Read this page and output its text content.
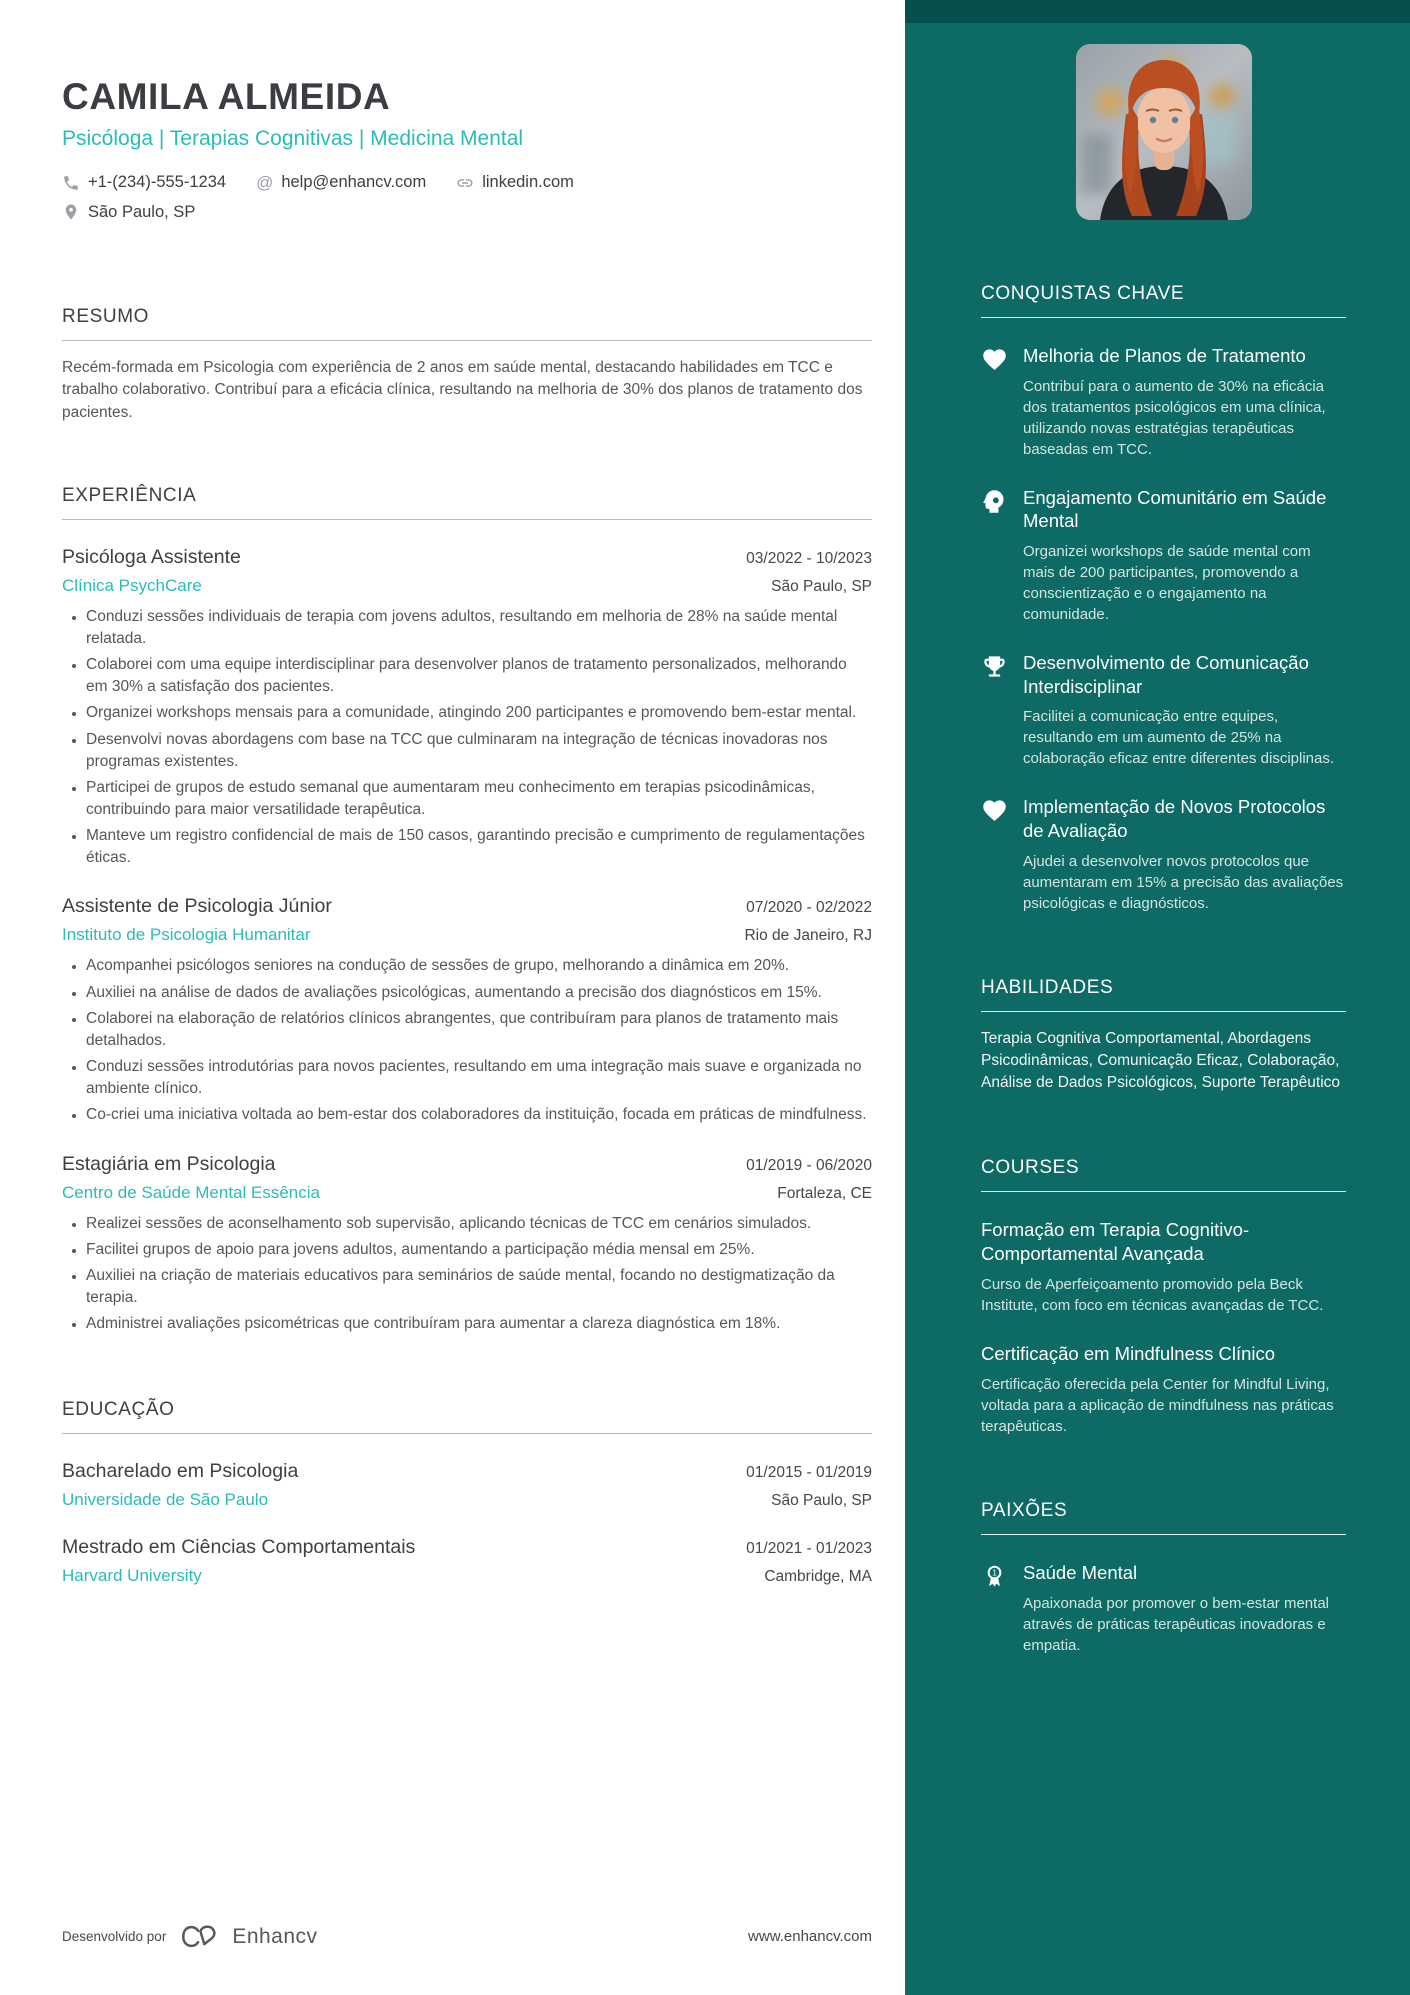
CAMILA ALMEIDA
Psicóloga | Terapias Cognitivas | Medicina Mental
+1-(234)-555-1234 @ help@enhancv.com	linkedin.com
São Paulo, SP
RESUMO
Recém-formada em Psicologia com experiência de 2 anos em saúde mental, destacando habilidades em TCC e trabalho colaborativo. Contribuí para a eficácia clínica, resultando na melhoria de 30% dos planos de tratamento dos pacientes.
EXPERIÊNCIA
Psicóloga Assistente	03/2022 - 10/2023
Clínica PsychCare	São Paulo, SP
• Conduzi sessões individuais de terapia com jovens adultos, resultando em melhoria de 28% na saúde mental relatada.
• Colaborei com uma equipe interdisciplinar para desenvolver planos de tratamento personalizados, melhorando em 30% a satisfação dos pacientes.
• Organizei workshops mensais para a comunidade, atingindo 200 participantes e promovendo bem-estar mental.
• Desenvolvi novas abordagens com base na TCC que culminaram na integração de técnicas inovadoras nos programas existentes.
• Participei de grupos de estudo semanal que aumentaram meu conhecimento em terapias psicodinâmicas, contribuindo para maior versatilidade terapêutica.
• Manteve um registro confidencial de mais de 150 casos, garantindo precisão e cumprimento de regulamentações éticas.
Assistente de Psicologia Júnior	07/2020 - 02/2022
Instituto de Psicologia Humanitar	Rio de Janeiro, RJ
• Acompanhei psicólogos seniores na condução de sessões de grupo, melhorando a dinâmica em 20%.
• Auxiliei na análise de dados de avaliações psicológicas, aumentando a precisão dos diagnósticos em 15%.
• Colaborei na elaboração de relatórios clínicos abrangentes, que contribuíram para planos de tratamento mais detalhados.
• Conduzi sessões introdutórias para novos pacientes, resultando em uma integração mais suave e organizada no ambiente clínico.
• Co-criei uma iniciativa voltada ao bem-estar dos colaboradores da instituição, focada em práticas de mindfulness.
Estagiária em Psicologia	01/2019 - 06/2020
Centro de Saúde Mental Essência	Fortaleza, CE
• Realizei sessões de aconselhamento sob supervisão, aplicando técnicas de TCC em cenários simulados.
• Facilitei grupos de apoio para jovens adultos, aumentando a participação média mensal em 25%.
• Auxiliei na criação de materiais educativos para seminários de saúde mental, focando no destigmatização da terapia.
• Administrei avaliações psicométricas que contribuíram para aumentar a clareza diagnóstica em 18%.
EDUCAÇÃO
Bacharelado em Psicologia	01/2015 - 01/2019
Universidade de São Paulo	São Paulo, SP
Mestrado em Ciências Comportamentais	01/2021 - 01/2023
Harvard University	Cambridge, MA
Desenvolvido por	Enhancv	www.enhancv.com
CONQUISTAS CHAVE
Melhoria de Planos de Tratamento

Contribuí para o aumento de 30% na eficácia dos tratamentos psicológicos em uma clínica, utilizando novas estratégias terapêuticas baseadas em TCC.

Engajamento Comunitário em Saúde Mental

Organizei workshops de saúde mental com mais de 200 participantes, promovendo a conscientização e o engajamento na comunidade.

Desenvolvimento de Comunicação Interdisciplinar

Facilitei a comunicação entre equipes, resultando em um aumento de 25% na colaboração eficaz entre diferentes disciplinas.

Implementação de Novos Protocolos de Avaliação

Ajudei a desenvolver novos protocolos que aumentaram em 15% a precisão das avaliações psicológicas e diagnósticos.

HABILIDADES
Terapia Cognitiva Comportamental, Abordagens Psicodinâmicas, Comunicação Eficaz, Colaboração, Análise de Dados Psicológicos, Suporte Terapêutico
COURSES
Formação em Terapia Cognitivo-Comportamental Avançada

Curso de Aperfeiçoamento promovido pela Beck Institute, com foco em técnicas avançadas de TCC.

Certificação em Mindfulness Clínico

Certificação oferecida pela Center for Mindful Living, voltada para a aplicação de mindfulness nas práticas terapêuticas.

PAIXÕES
1 Saúde Mental

Apaixonada por promover o bem-estar mental através de práticas terapêuticas inovadoras e empatia.
